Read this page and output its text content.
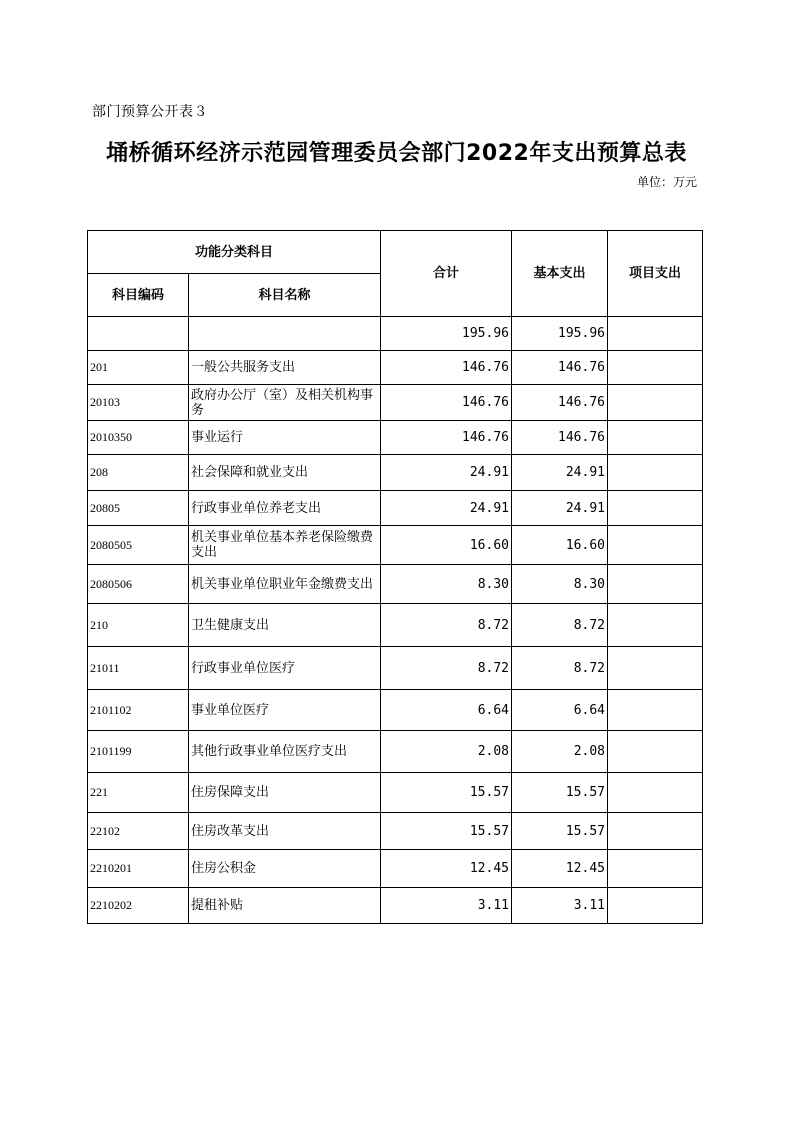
部门预算公开表３
埇桥循环经济示范园管理委员会部门2022年支出预算总表
单位：万元
功能分类科目		合计	基本支出	项目支出
科目编码	科目名称			
		195.96	195.96	
201	一般公共服务支出	146.76	146.76	
20103	政府办公厅（室）及相关机构事务	146.76	146.76	
2010350	事业运行	146.76	146.76	
208	社会保障和就业支出	24.91	24.91	
20805	行政事业单位养老支出	24.91	24.91	
2080505	机关事业单位基本养老保险缴费支出	16.60	16.60	
2080506	机关事业单位职业年金缴费支出	8.30	8.30	
210	卫生健康支出	8.72	8.72	
21011	行政事业单位医疗	8.72	8.72	
2101102	事业单位医疗	6.64	6.64	
2101199	其他行政事业单位医疗支出	2.08	2.08	
221	住房保障支出	15.57	15.57	
22102	住房改革支出	15.57	15.57	
2210201	住房公积金	12.45	12.45	
2210202	提租补贴	3.11	3.11	
